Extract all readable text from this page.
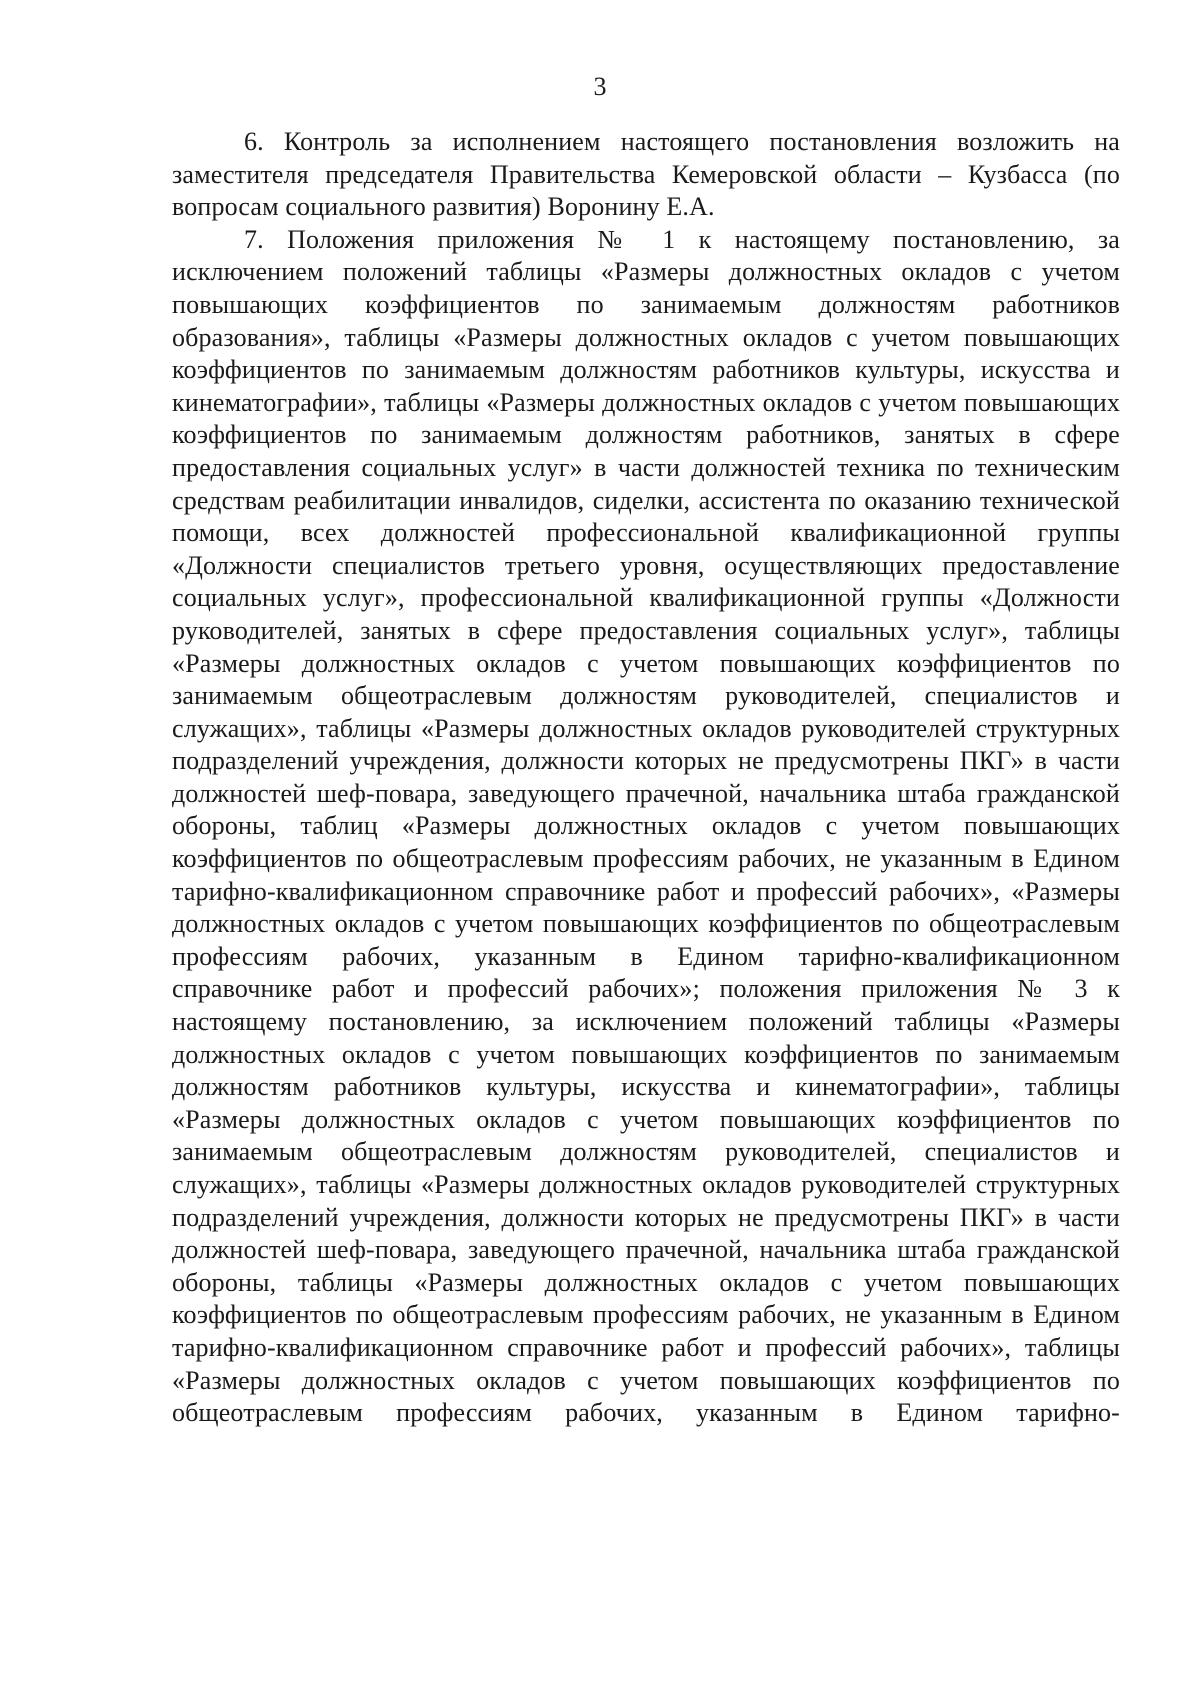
3

6. Контроль за исполнением настоящего постановления возложить на заместителя председателя Правительства Кемеровской области – Кузбасса (по вопросам социального развития) Воронину Е.А.

7. Положения приложения № 1 к настоящему постановлению, за исключением положений таблицы «Размеры должностных окладов с учетом повышающих коэффициентов по занимаемым должностям работников образования», таблицы «Размеры должностных окладов с учетом повышающих коэффициентов по занимаемым должностям работников культуры, искусства и кинематографии», таблицы «Размеры должностных окладов с учетом повышающих коэффициентов по занимаемым должностям работников, занятых в сфере предоставления социальных услуг» в части должностей техника по техническим средствам реабилитации инвалидов, сиделки, ассистента по оказанию технической помощи, всех должностей профессиональной квалификационной группы «Должности специалистов третьего уровня, осуществляющих предоставление социальных услуг», профессиональной квалификационной группы «Должности руководителей, занятых в сфере предоставления социальных услуг», таблицы «Размеры должностных окладов с учетом повышающих коэффициентов по занимаемым общеотраслевым должностям руководителей, специалистов и служащих», таблицы «Размеры должностных окладов руководителей структурных подразделений учреждения, должности которых не предусмотрены ПКГ» в части должностей шеф-повара, заведующего прачечной, начальника штаба гражданской обороны, таблиц «Размеры должностных окладов с учетом повышающих коэффициентов по общеотраслевым профессиям рабочих, не указанным в Едином тарифно-квалификационном справочнике работ и профессий рабочих», «Размеры должностных окладов с учетом повышающих коэффициентов по общеотраслевым профессиям рабочих, указанным в Едином тарифно-квалификационном справочнике работ и профессий рабочих»; положения приложения № 3 к настоящему постановлению, за исключением положений таблицы «Размеры должностных окладов с учетом повышающих коэффициентов по занимаемым должностям работников культуры, искусства и кинематографии», таблицы «Размеры должностных окладов с учетом повышающих коэффициентов по занимаемым общеотраслевым должностям руководителей, специалистов и служащих», таблицы «Размеры должностных окладов руководителей структурных подразделений учреждения, должности которых не предусмотрены ПКГ» в части должностей шеф-повара, заведующего прачечной, начальника штаба гражданской обороны, таблицы «Размеры должностных окладов с учетом повышающих коэффициентов по общеотраслевым профессиям рабочих, не указанным в Едином тарифно-квалификационном справочнике работ и профессий рабочих», таблицы «Размеры должностных окладов с учетом повышающих коэффициентов по общеотраслевым профессиям рабочих, указанным в Едином тарифно-
